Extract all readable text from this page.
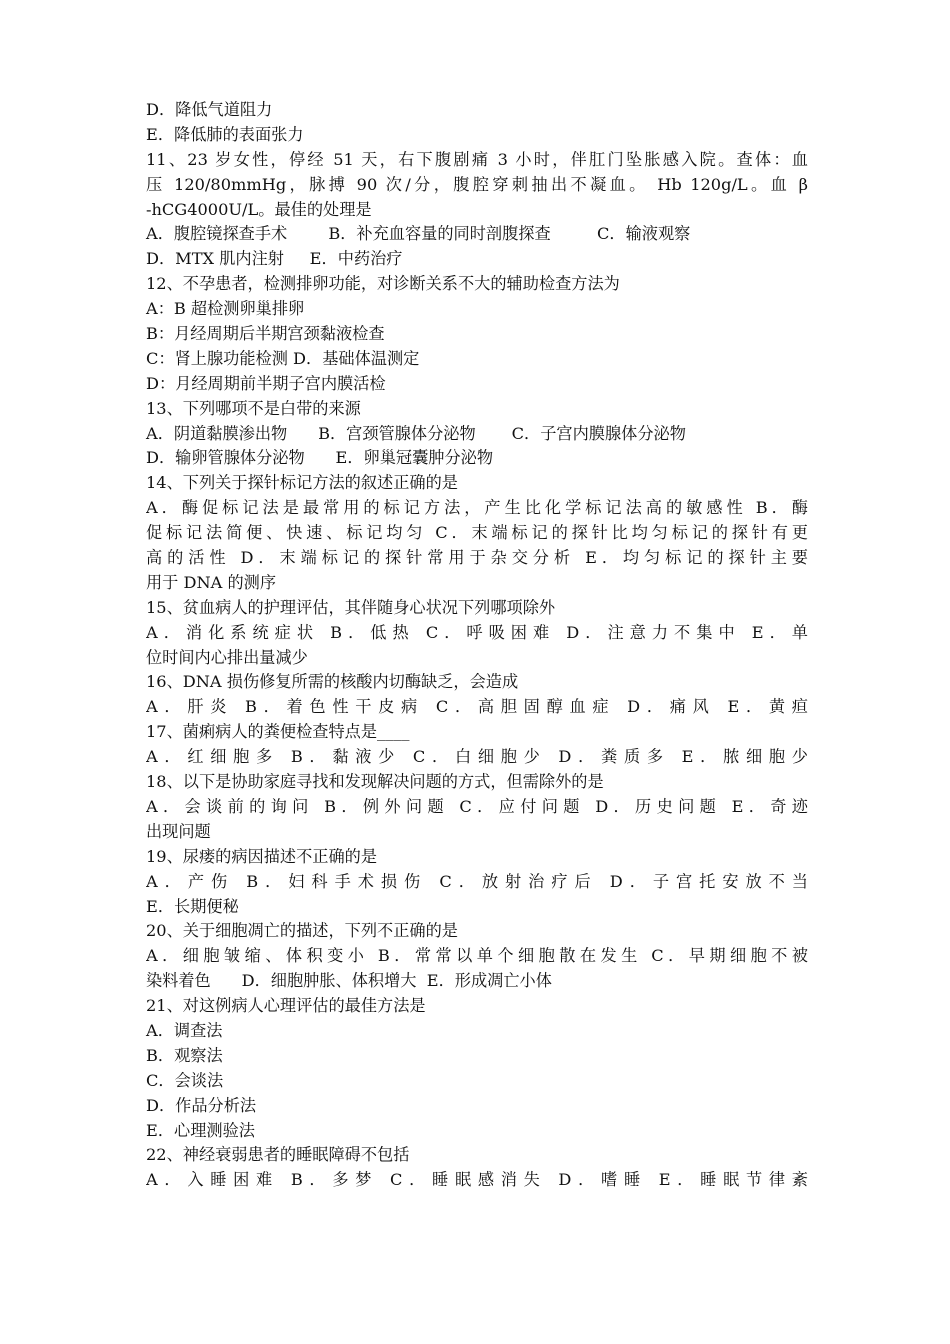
D．降低气道阻力
E．降低肺的表面张力
11、23 岁女性，停经 51 天，右下腹剧痛 3 小时，伴肛门坠胀感入院。查体：血
压 120/80mmHg，脉搏 90 次/分，腹腔穿刺抽出不凝血。 Hb 120g/L。血 β
-hCG4000U/L。最佳的处理是
A．腹腔镜探查手术        B．补充血容量的同时剖腹探查         C．输液观察
D．MTX 肌内注射     E．中药治疗
12、不孕患者，检测排卵功能，对诊断关系不大的辅助检查方法为
A：B 超检测卵巢排卵
B：月经周期后半期宫颈黏液检查
C：肾上腺功能检测 D．基础体温测定
D：月经周期前半期子宫内膜活检
13、下列哪项不是白带的来源
A．阴道黏膜渗出物      B．宫颈管腺体分泌物       C．子宫内膜腺体分泌物
D．输卵管腺体分泌物      E．卵巢冠囊肿分泌物
14、下列关于探针标记方法的叙述正确的是
A．酶促标记法是最常用的标记方法，产生比化学标记法高的敏感性 B．酶
促标记法简便、快速、标记均匀 C．末端标记的探针比均匀标记的探针有更
高的活性 D．末端标记的探针常用于杂交分析 E．均匀标记的探针主要
用于 DNA 的测序
15、贫血病人的护理评估，其伴随身心状况下列哪项除外
A．消化系统症状 B．低热 C．呼吸困难 D．注意力不集中 E．单
位时间内心排出量减少
16、DNA 损伤修复所需的核酸内切酶缺乏，会造成
A．肝炎 B．着色性干皮病 C．高胆固醇血症 D．痛风 E．黄疸
17、菌痢病人的粪便检查特点是____
A．红细胞多 B．黏液少 C．白细胞少 D．粪质多 E．脓细胞少
18、以下是协助家庭寻找和发现解决问题的方式，但需除外的是
A．会谈前的询问 B．例外问题 C．应付问题 D．历史问题 E．奇迹
出现问题
19、尿瘘的病因描述不正确的是
A．产伤 B．妇科手术损伤 C．放射治疗后 D．子宫托安放不当
E．长期便秘
20、关于细胞凋亡的描述，下列不正确的是
A．细胞皱缩、体积变小 B．常常以单个细胞散在发生 C．早期细胞不被
染料着色      D．细胞肿胀、体积增大  E．形成凋亡小体
21、对这例病人心理评估的最佳方法是
A．调查法
B．观察法
C．会谈法
D．作品分析法
E．心理测验法
22、神经衰弱患者的睡眠障碍不包括
A．入睡困难 B．多梦 C．睡眠感消失 D．嗜睡 E．睡眠节律紊
